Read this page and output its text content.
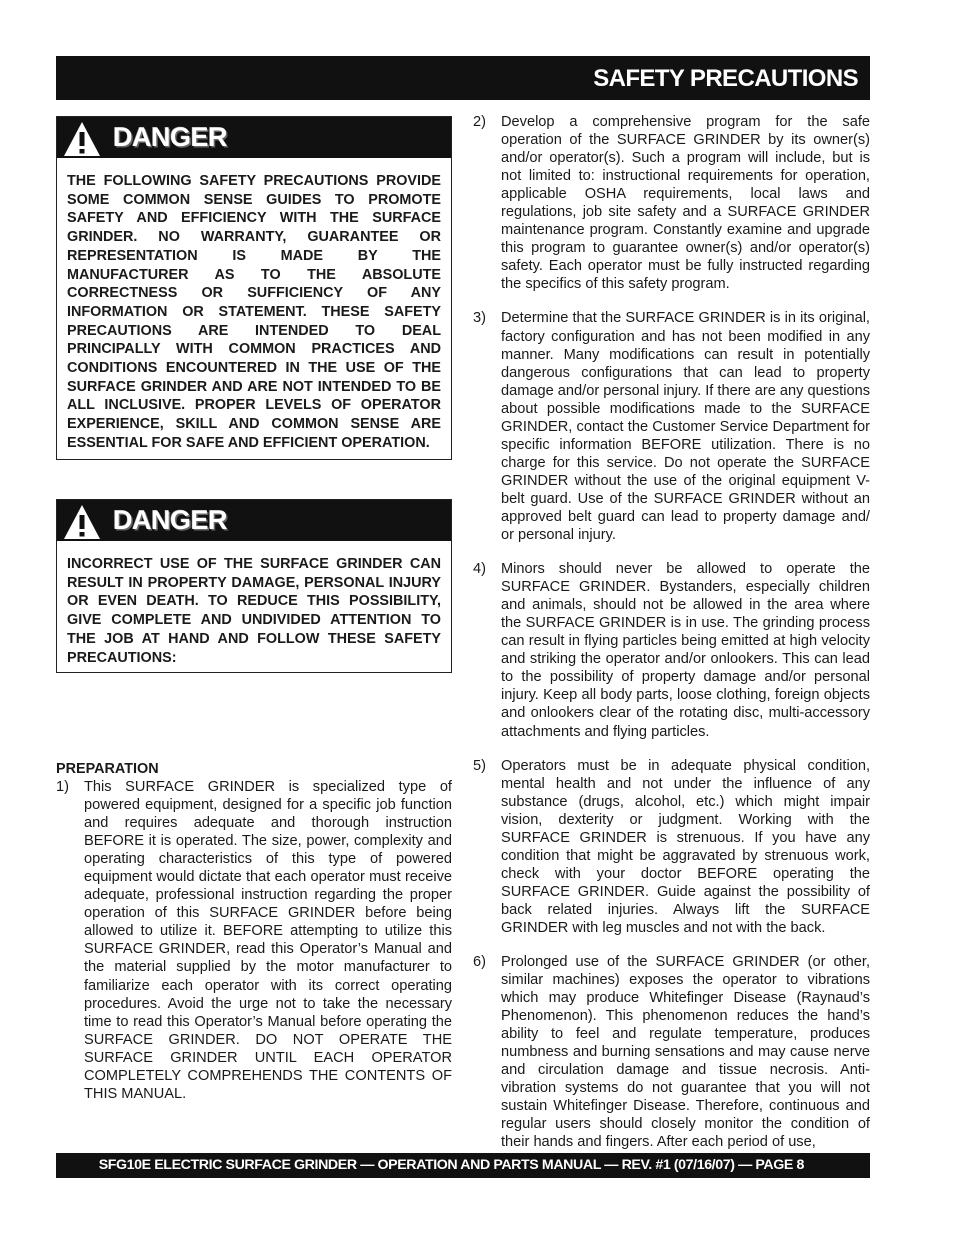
SAFETY PRECAUTIONS
DANGER
THE FOLLOWING SAFETY PRECAUTIONS PROVIDE SOME COMMON SENSE GUIDES TO PROMOTE SAFETY AND EFFICIENCY WITH THE SURFACE GRINDER. NO WARRANTY, GUARANTEE OR REPRESENTATION IS MADE BY THE MANUFACTURER AS TO THE ABSOLUTE CORRECTNESS OR SUFFICIENCY OF ANY INFORMATION OR STATEMENT. THESE SAFETY PRECAUTIONS ARE INTENDED TO DEAL PRINCIPALLY WITH COMMON PRACTICES AND CONDITIONS ENCOUNTERED IN THE USE OF THE SURFACE GRINDER AND ARE NOT INTENDED TO BE ALL INCLUSIVE. PROPER LEVELS OF OPERATOR EXPERIENCE, SKILL AND COMMON SENSE ARE ESSENTIAL FOR SAFE AND EFFICIENT OPERATION.
DANGER
INCORRECT USE OF THE SURFACE GRINDER CAN RESULT IN PROPERTY DAMAGE, PERSONAL INJURY OR EVEN DEATH. TO REDUCE THIS POSSIBILITY, GIVE COMPLETE AND UNDIVIDED ATTENTION TO THE JOB AT HAND AND FOLLOW THESE SAFETY PRECAUTIONS:
PREPARATION
1)	This SURFACE GRINDER is specialized type of powered equipment, designed for a specific job function and requires adequate and thorough instruction BEFORE it is operated. The size, power, complexity and operating characteristics of this type of powered equipment would dictate that each operator must receive adequate, professional instruction regarding the proper operation of this SURFACE GRINDER before being allowed to utilize it. BEFORE attempting to utilize this SURFACE GRINDER, read this Operator’s Manual and the material supplied by the motor manufacturer to familiarize each operator with its correct operating procedures. Avoid the urge not to take the necessary time to read this Operator’s Manual before operating the SURFACE GRINDER. DO NOT OPERATE THE SURFACE GRINDER UNTIL EACH OPERATOR COMPLETELY COMPREHENDS THE CONTENTS OF THIS MANUAL.
2)	Develop a comprehensive program for the safe operation of the SURFACE GRINDER by its owner(s) and/or operator(s). Such a program will include, but is not limited to: instructional requirements for operation, applicable OSHA requirements, local laws and regulations, job site safety and a SURFACE GRINDER maintenance program. Constantly examine and upgrade this program to guarantee owner(s) and/or operator(s) safety. Each operator must be fully instructed regarding the specifics of this safety program.
3)	Determine that the SURFACE GRINDER is in its original, factory configuration and has not been modified in any manner. Many modifications can result in potentially dangerous configurations that can lead to property damage and/or personal injury. If there are any questions about possible modifications made to the SURFACE GRINDER, contact the Customer Service Department for specific information BEFORE utilization. There is no charge for this service. Do not operate the SURFACE GRINDER without the use of the original equipment V-belt guard. Use of the SURFACE GRINDER without an approved belt guard can lead to property damage and/ or personal injury.
4)	Minors should never be allowed to operate the SURFACE GRINDER. Bystanders, especially children and animals, should not be allowed in the area where the SURFACE GRINDER is in use. The grinding process can result in flying particles being emitted at high velocity and striking the operator and/or onlookers. This can lead to the possibility of property damage and/or personal injury. Keep all body parts, loose clothing, foreign objects and onlookers clear of the rotating disc, multi-accessory attachments and flying particles.
5)	Operators must be in adequate physical condition, mental health and not under the influence of any substance (drugs, alcohol, etc.) which might impair vision, dexterity or judgment. Working with the SURFACE GRINDER is strenuous. If you have any condition that might be aggravated by strenuous work, check with your doctor BEFORE operating the SURFACE GRINDER. Guide against the possibility of back related injuries. Always lift the SURFACE GRINDER with leg muscles and not with the back.
6)	Prolonged use of the SURFACE GRINDER (or other, similar machines) exposes the operator to vibrations which may produce Whitefinger Disease (Raynaud’s Phenomenon). This phenomenon reduces the hand’s ability to feel and regulate temperature, produces numbness and burning sensations and may cause nerve and circulation damage and tissue necrosis. Anti-vibration systems do not guarantee that you will not sustain Whitefinger Disease. Therefore, continuous and regular users should closely monitor the condition of their hands and fingers. After each period of use,
SFG10E ELECTRIC SURFACE GRINDER — OPERATION AND PARTS MANUAL — REV. #1 (07/16/07) — PAGE 8
